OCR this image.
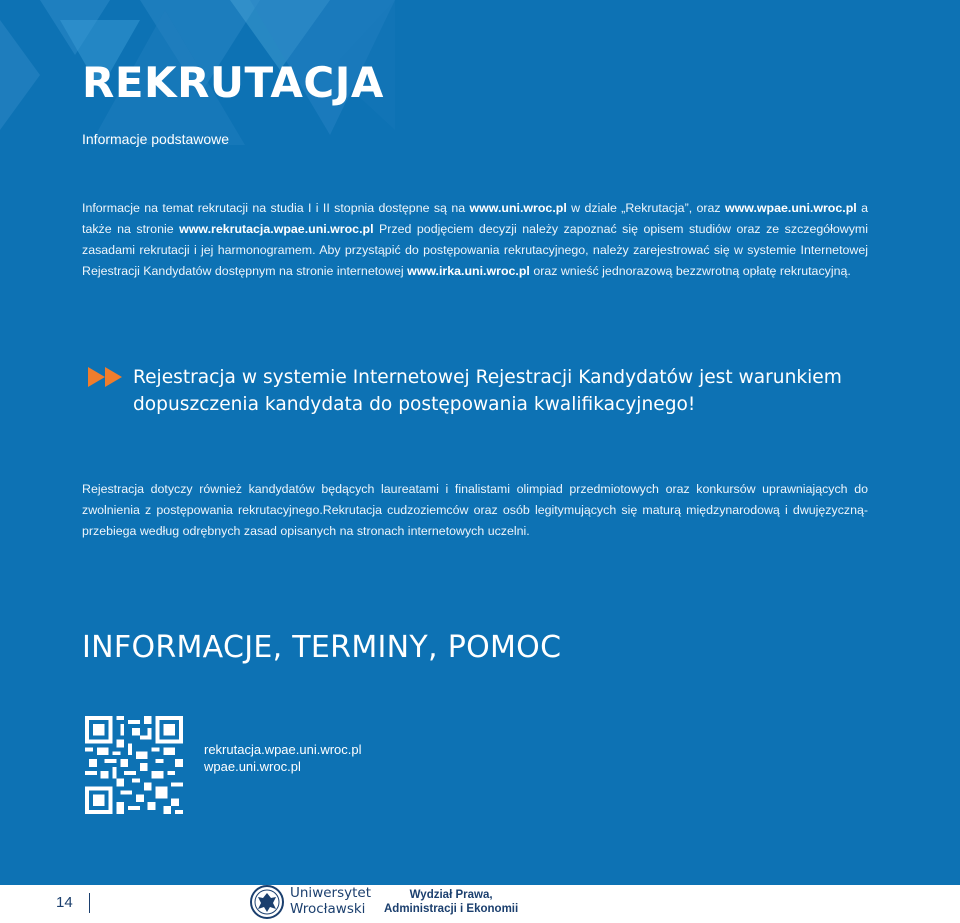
REKRUTACJA
Informacje podstawowe
Informacje na temat rekrutacji na studia I i II stopnia dostępne są na www.uni.wroc.pl w dziale „Rekrutacja”, oraz www.wpae.uni.wroc.pl a także na stronie www.rekrutacja.wpae.uni.wroc.pl Przed podjęciem decyzji należy zapoznać się opisem studiów oraz ze szczegółowymi zasadami rekrutacji i jej harmonogramem. Aby przystąpić do postępowania rekrutacyjnego, należy zarejestrować się w systemie Internetowej Rejestracji Kandydatów dostępnym na stronie internetowej www.irka.uni.wroc.pl oraz wnieść jednorazową bezzwrotną opłatę rekrutacyjną.
Rejestracja w systemie Internetowej Rejestracji Kandydatów jest warunkiem dopuszczenia kandydata do postępowania kwalifikacyjnego!
Rejestracja dotyczy również kandydatów będących laureatami i finalistami olimpiad przedmiotowych oraz konkursów uprawniających do zwolnienia z postępowania rekrutacyjnego.Rekrutacja cudzoziemców oraz osób legitymujących się maturą międzynarodową i dwujęzyczną- przebiega według odrębnych zasad opisanych na stronach internetowych uczelni.
INFORMACJE, TERMINY, POMOC
rekrutacja.wpae.uni.wroc.pl
wpae.uni.wroc.pl
14
Uniwersytet
Wrocławski
Wydział Prawa,
Administracji i Ekonomii
